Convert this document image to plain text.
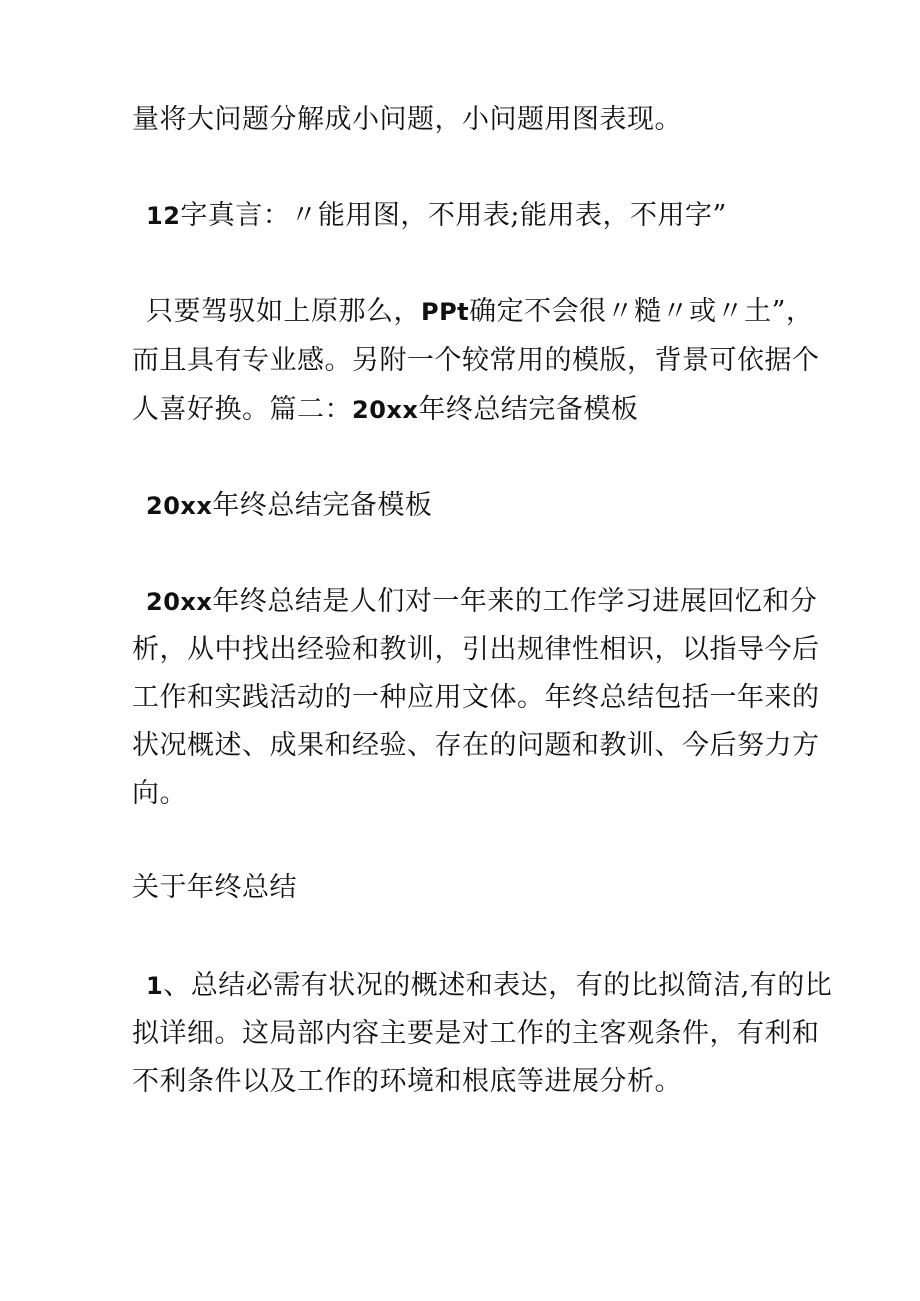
量将大问题分解成小问题，小问题用图表现。
12字真言：〃能用图，不用表;能用表，不用字”
只要驾驭如上原那么，PPt确定不会很〃糙〃或〃土”，
而且具有专业感。另附一个较常用的模版，背景可依据个
人喜好换。篇二：20xx年终总结完备模板
20xx年终总结完备模板
20xx年终总结是人们对一年来的工作学习进展回忆和分
析，从中找出经验和教训，引出规律性相识，以指导今后
工作和实践活动的一种应用文体。年终总结包括一年来的
状况概述、成果和经验、存在的问题和教训、今后努力方
向。
关于年终总结
1、总结必需有状况的概述和表达，有的比拟简洁,有的比
拟详细。这局部内容主要是对工作的主客观条件，有利和
不利条件以及工作的环境和根底等进展分析。
